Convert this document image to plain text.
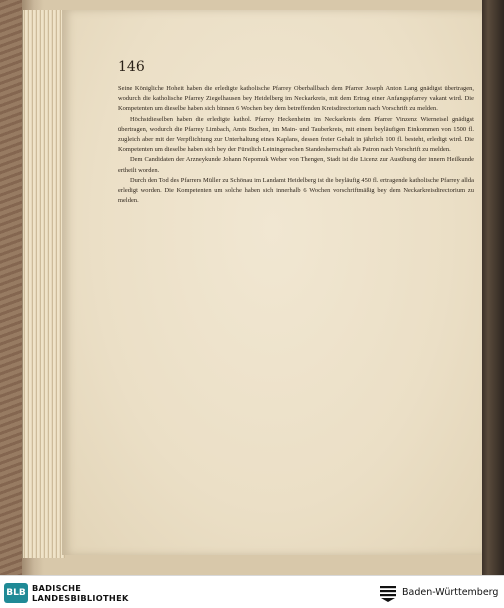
146

Seine Königliche Hoheit haben die erledigte katholische Pfarrey Oberballbach dem Pfarrer Joseph Anton Lang gnädigst übertragen, wodurch die katholische Pfarrey Ziegelhausen bey Heidelberg im Neckarkreis, mit dem Ertrag einer Anfangspfarrey vakant wird. Die Kompetenten um dieselbe haben sich binnen 6 Wochen bey dem betreffenden Kreisdirectorium nach Vorschrift zu melden.

Höchstdieselben haben die erledigte kathol. Pfarrey Heckenheim im Neckarkreis dem Pfarrer Vinzenz Wierneisel gnädigst übertragen, wodurch die Pfarrey Limbach, Amts Buchen, im Main- und Tauberkreis, mit einem beyläufigen Einkommen von 1500 fl. zugleich aber mit der Verpflichtung zur Unterhaltung eines Kaplans, dessen freier Gehalt in jährlich 100 fl. besteht, erledigt wird. Die Kompetenten um dieselbe haben sich bey der Fürstlich Leiningenschen Standesherrschaft als Patron nach Vorschrift zu melden.

Dem Candidaten der Arzneykunde Johann Nepomuk Weber von Thengen, Stadt ist die Licenz zur Ausübung der innern Heilkunde ertheilt worden.

Durch den Tod des Pfarrers Müller zu Schönau im Landamt Heidelberg ist die beyläufig 450 fl. ertragende katholische Pfarrey allda erledigt worden. Die Kompetenten um solche haben sich innerhalb 6 Wochen vorschriftmäßig bey dem Neckarkreisdirectorium zu melden.

BLB BADISCHE
LANDESBIBLIOTHEK	Baden-Württemberg
